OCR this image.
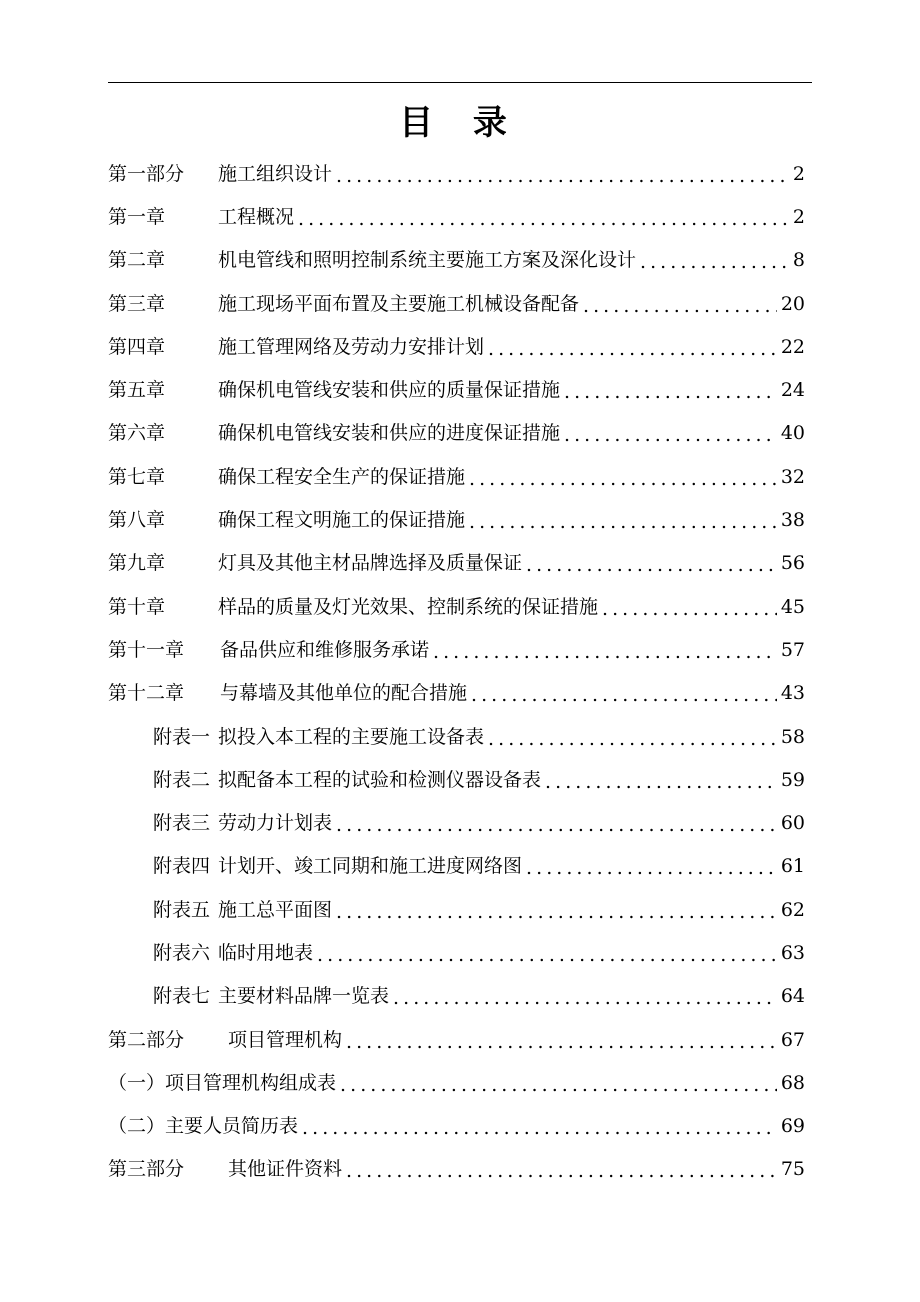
目 录
第一部分	施工组织设计 . . .	2
第一章	工程概况 . . .	2
第二章	机电管线和照明控制系统主要施工方案及深化设计 . . .	8
第三章	施工现场平面布置及主要施工机械设备配备 . . .	20
第四章	施工管理网络及劳动力安排计划 . . .	22
第五章	确保机电管线安装和供应的质量保证措施 . . .	24
第六章	确保机电管线安装和供应的进度保证措施 . . .	40
第七章	确保工程安全生产的保证措施 . . .	32
第八章	确保工程文明施工的保证措施 . . .	38
第九章	灯具及其他主材品牌选择及质量保证 . . .	56
第十章	样品的质量及灯光效果、控制系统的保证措施 . . .	45
第十一章	备品供应和维修服务承诺 . . .	57
第十二章	与幕墙及其他单位的配合措施 . . .	43
附表一 拟投入本工程的主要施工设备表 . . .	58
附表二 拟配备本工程的试验和检测仪器设备表 . . .	59
附表三 劳动力计划表 . . .	60
附表四 计划开、竣工同期和施工进度网络图 . . .	61
附表五 施工总平面图 . . .	62
附表六 临时用地表 . . .	63
附表七 主要材料品牌一览表 . . .	64
第二部分	项目管理机构 . . .	67
（一） 项目管理机构组成表 . . .	68
（二） 主要人员简历表 . . .	69
第三部分	其他证件资料 . . .	75
